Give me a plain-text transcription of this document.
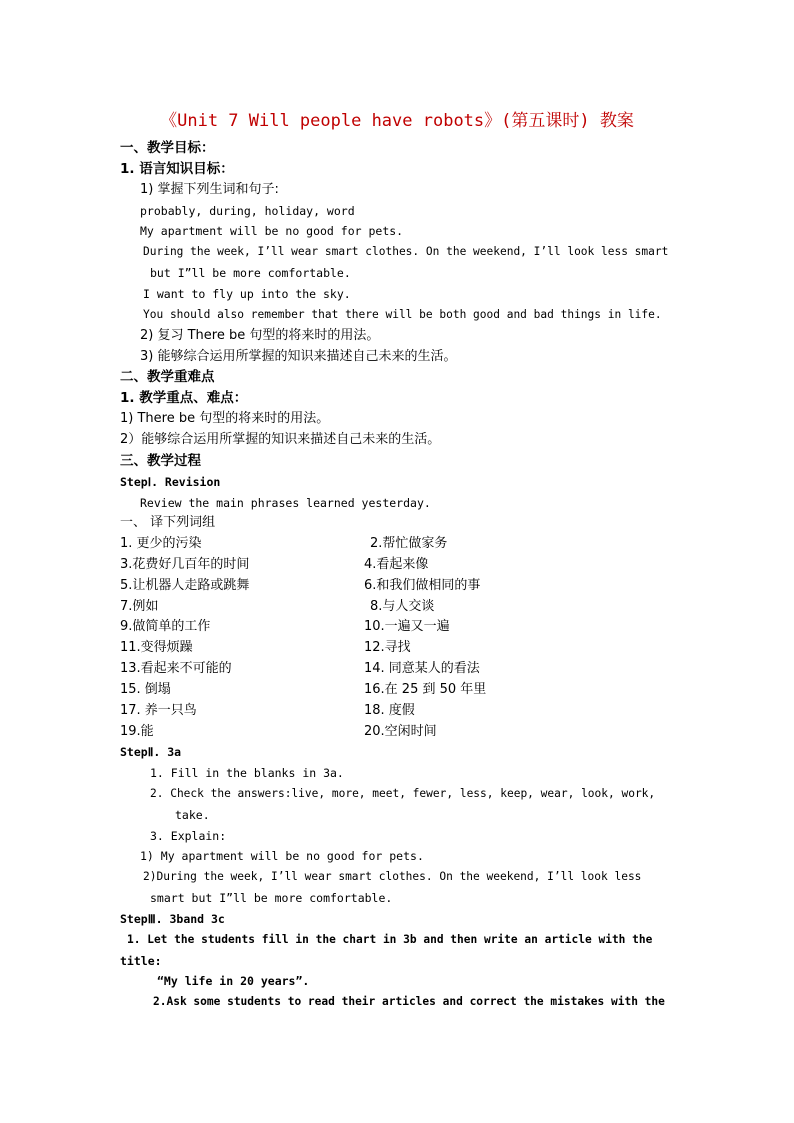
《Unit 7 Will people have robots》(第五课时) 教案
一、教学目标：
1. 语言知识目标：
1) 掌握下列生词和句子:
probably, during, holiday, word
My apartment will be no good for pets.
During the week, I’ll wear smart clothes. On the weekend, I’ll look less smart
but I”ll be more comfortable.
I want to fly up into the sky.
You should also remember that there will be both good and bad things in life.
2) 复习 There be 句型的将来时的用法。
3) 能够综合运用所掌握的知识来描述自己未来的生活。
二、教学重难点
1. 教学重点、难点：
1) There be 句型的将来时的用法。
2）能够综合运用所掌握的知识来描述自己未来的生活。
三、教学过程
StepⅠ. Revision
Review the main phrases learned yesterday.
一、 译下列词组
1. 更少的污染
3.花费好几百年的时间
5.让机器人走路或跳舞
7.例如
9.做简单的工作
11.变得烦躁
13.看起来不可能的
15. 倒塌
17. 养一只鸟
19.能
2.帮忙做家务
4.看起来像
6.和我们做相同的事
8.与人交谈
10.一遍又一遍
12.寻找
14. 同意某人的看法
16.在 25 到 50 年里
18. 度假
20.空闲时间
StepⅡ. 3a
1. Fill in the blanks in 3a.
2. Check the answers:live, more, meet, fewer, less, keep, wear, look, work,
take.
3. Explain:
1) My apartment will be no good for pets.
2)During the week, I’ll wear smart clothes. On the weekend, I’ll look less
smart but I”ll be more comfortable.
StepⅢ. 3band 3c
1. Let the students fill in the chart in 3b and then write an article with the
title:
“My life in 20 years”.
2.Ask some students to read their articles and correct the mistakes with the
